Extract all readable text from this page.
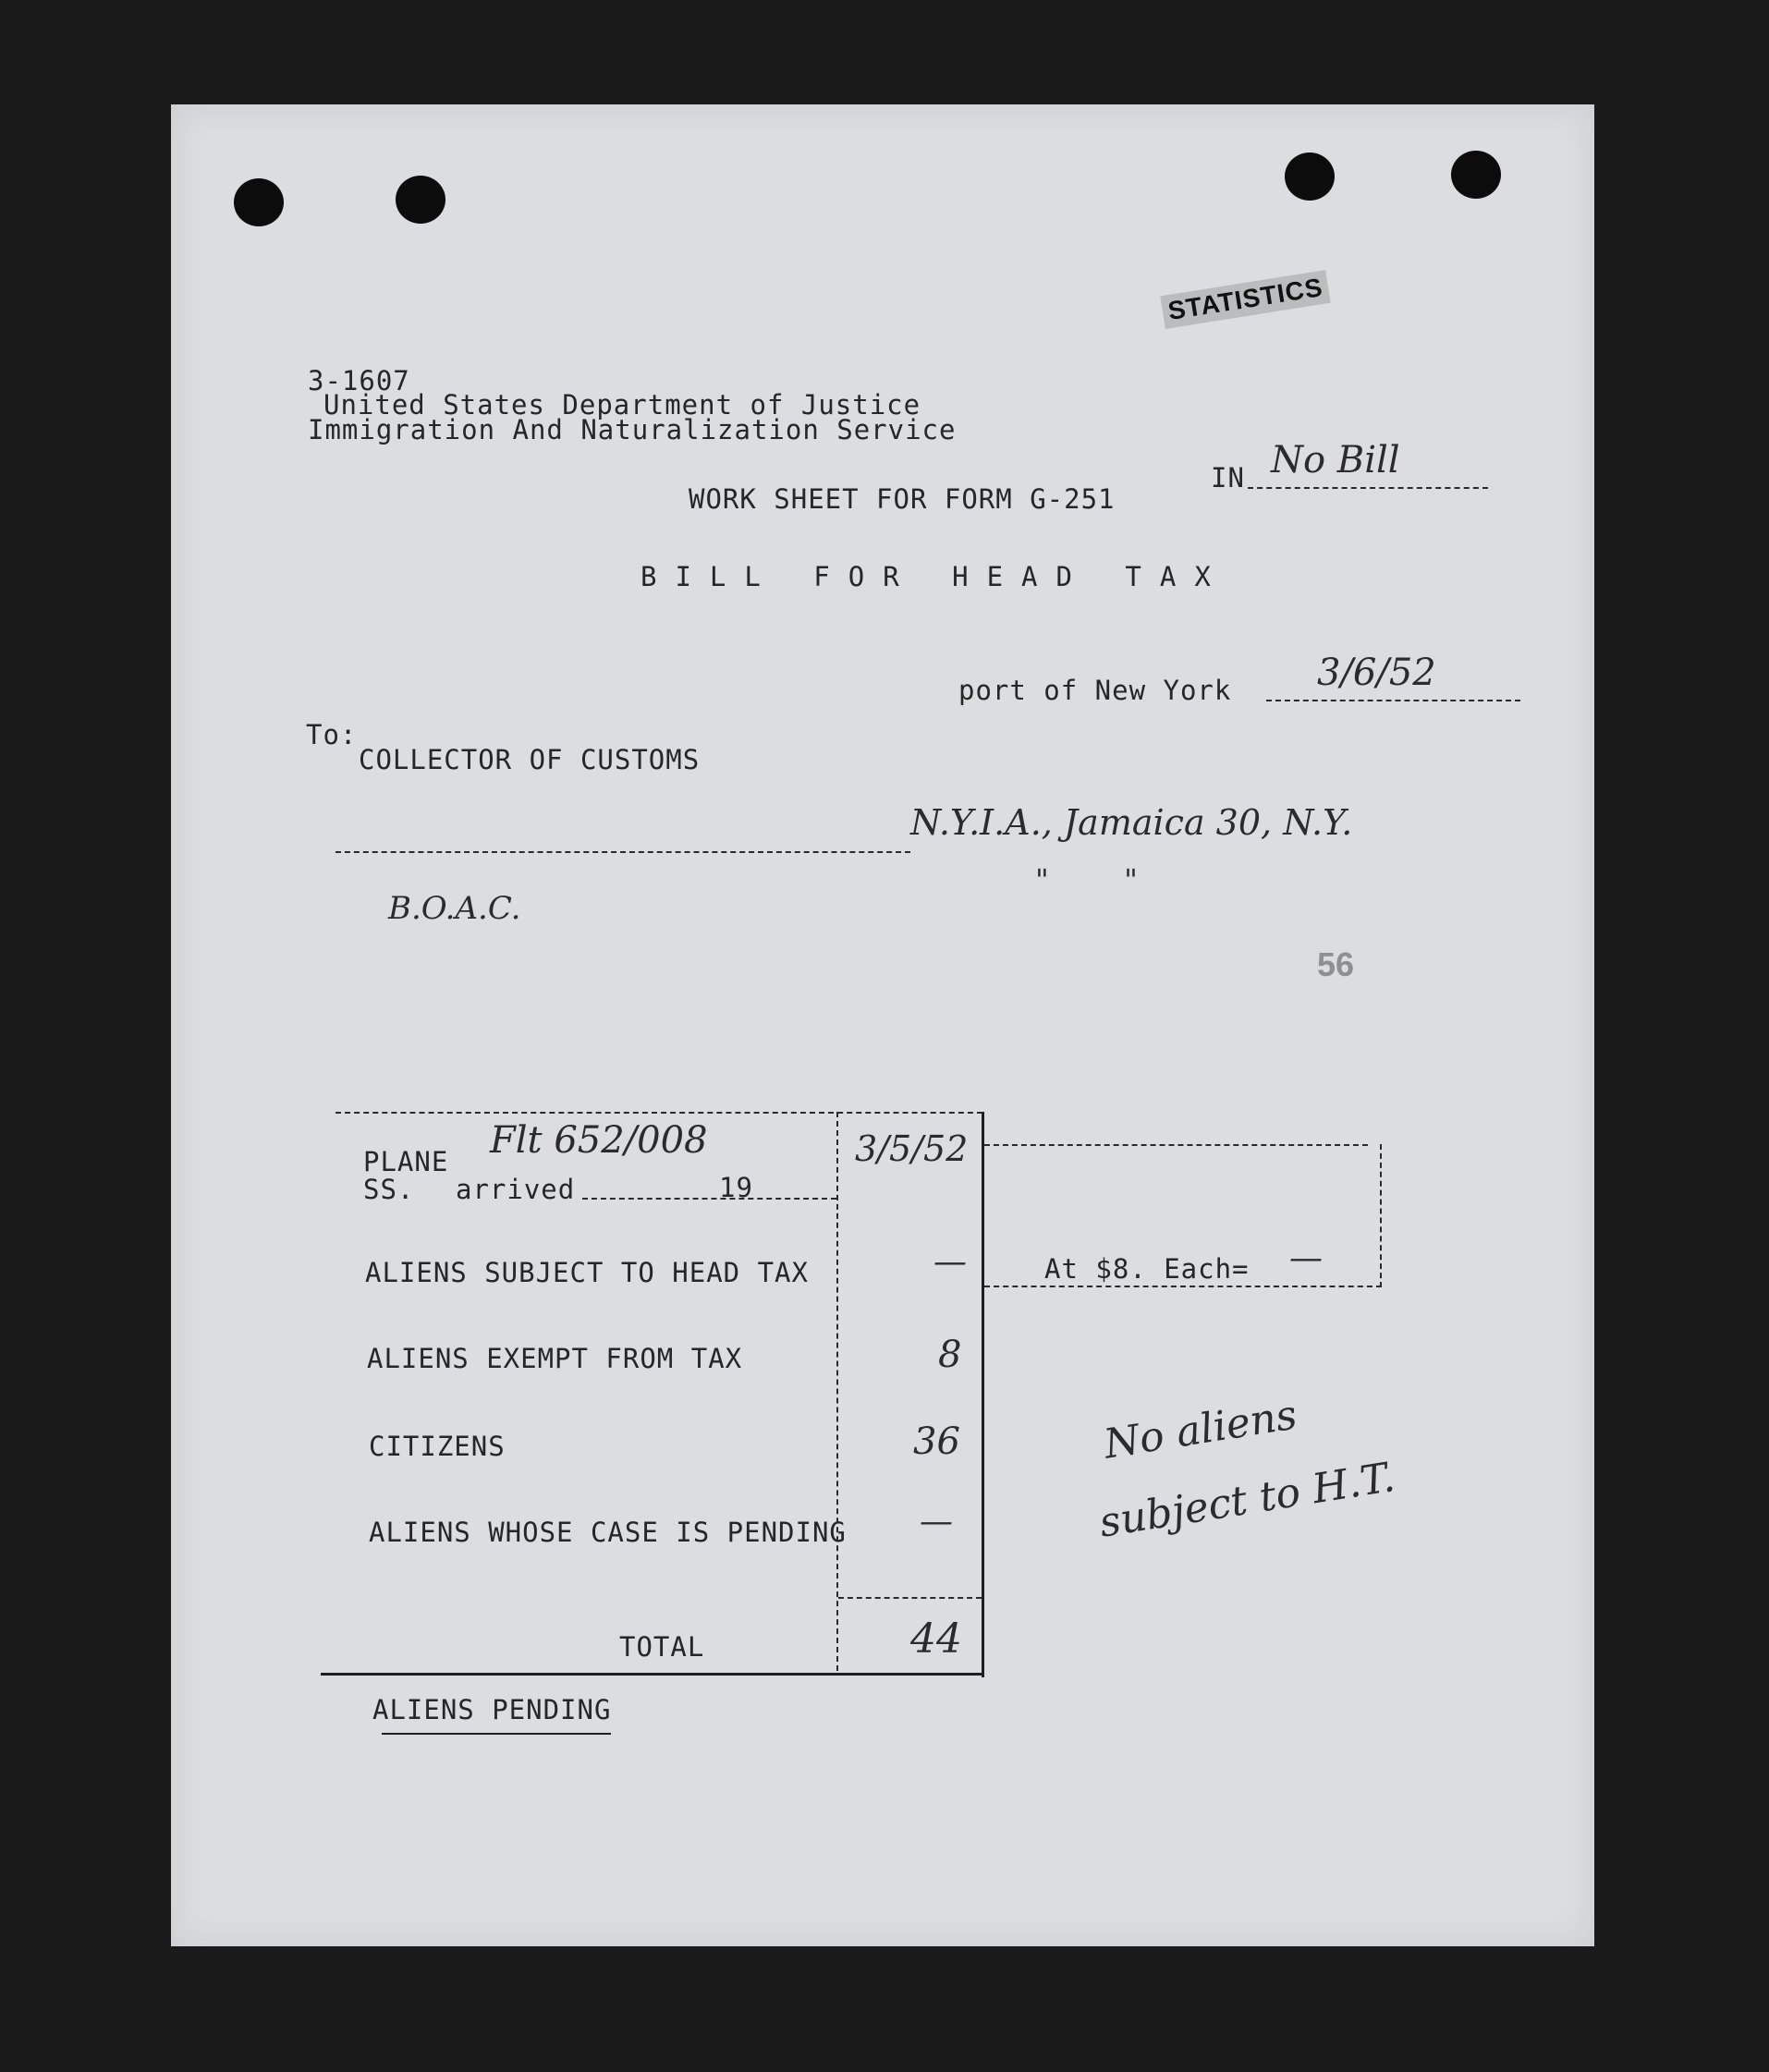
STATISTICS
3-1607
United States Department of Justice
Immigration And Naturalization Service
IN No Bill
WORK SHEET FOR FORM G-251
BILL FOR HEAD TAX
port of New York 3/6/52
To:
COLLECTOR OF CUSTOMS
N.Y.I.A., Jamaica 30, N.Y.
"        "
B.O.A.C.
56
PLANE Flt 652/008
SS. arrived	19
3/5/52
ALIENS SUBJECT TO HEAD TAX	—	At $8. Each= —
ALIENS EXEMPT FROM TAX	8
CITIZENS	36
ALIENS WHOSE CASE IS PENDING —
TOTAL	44
No aliens
subject to H.T.
ALIENS PENDING
